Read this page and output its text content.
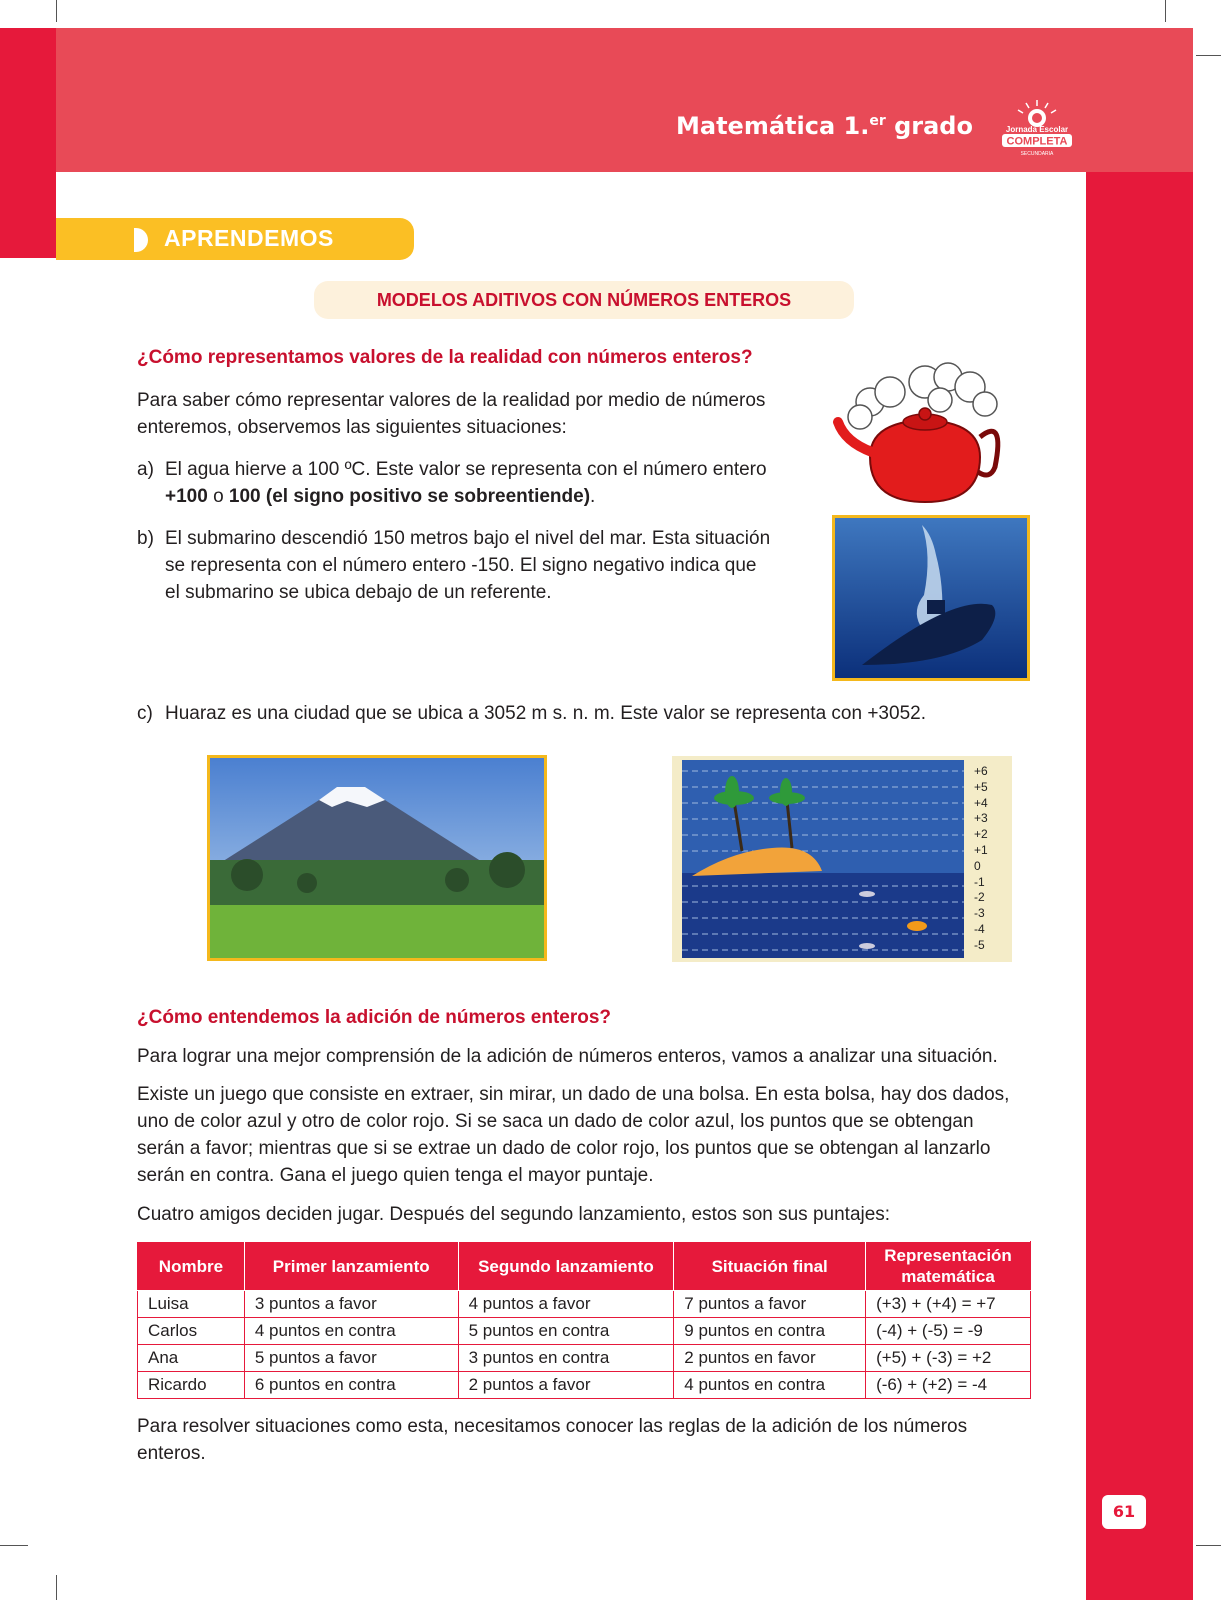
Matemática 1.$^{er}$ grado	Jornada Escolar
COMPLETA
SECUNDARIA
APRENDEMOS
MODELOS ADITIVOS CON NÚMEROS ENTEROS
¿Cómo representamos valores de la realidad con números enteros?

Para saber cómo representar valores de la realidad por medio de números
enteremos, observemos las siguientes situaciones:

a) El agua hierve a 100 ºC. Este valor se representa con el número entero
+100 o 100 (el signo positivo se sobreentiende).
b) El submarino descendió 150 metros bajo el nivel del mar. Esta situación
se representa con el número entero -150. El signo negativo indica que
el submarino se ubica debajo de un referente.
c) Huaraz es una ciudad que se ubica a 3052 m s. n. m. Este valor se representa con +3052.
+6
+5
+4
+3
+2
+1
0
-1
-2
-3
-4
-5
¿Cómo entendemos la adición de números enteros?

Para lograr una mejor comprensión de la adición de números enteros, vamos a analizar una situación.

Existe un juego que consiste en extraer, sin mirar, un dado de una bolsa. En esta bolsa, hay dos dados,
uno de color azul y otro de color rojo. Si se saca un dado de color azul, los puntos que se obtengan
serán a favor; mientras que si se extrae un dado de color rojo, los puntos que se obtengan al lanzarlo
serán en contra. Gana el juego quien tenga el mayor puntaje.

Cuatro amigos deciden jugar. Después del segundo lanzamiento, estos son sus puntajes:

Nombre	Primer lanzamiento	Segundo lanzamiento	Situación final	Representación matemática
Luisa	3 puntos a favor	4 puntos a favor	7 puntos a favor	(+3) + (+4) = +7
Carlos	4 puntos en contra	5 puntos en contra	9 puntos en contra	(-4) + (-5) = -9
Ana	5 puntos a favor	3 puntos en contra	2 puntos en favor	(+5) + (-3) = +2
Ricardo	6 puntos en contra	2 puntos a favor	4 puntos en contra	(-6) + (+2) = -4

Para resolver situaciones como esta, necesitamos conocer las reglas de la adición de los números
enteros.

61
